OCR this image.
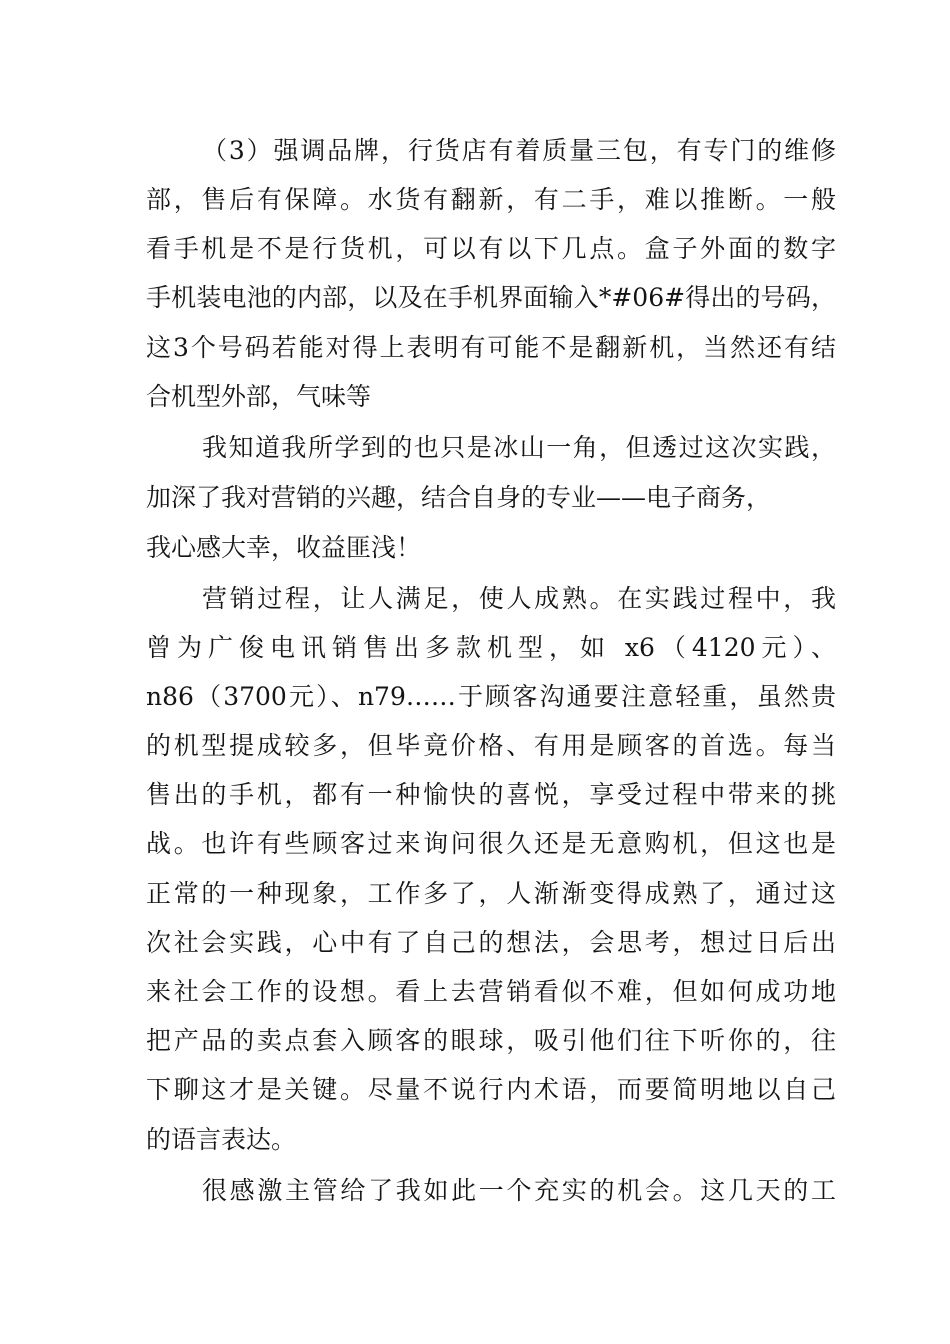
（3）强调品牌，行货店有着质量三包，有专门的维修
部，售后有保障。水货有翻新，有二手，难以推断。一般
看手机是不是行货机，可以有以下几点。盒子外面的数字
手机装电池的内部，以及在手机界面输入*#06#得出的号码，
这3个号码若能对得上表明有可能不是翻新机，当然还有结
合机型外部，气味等
我知道我所学到的也只是冰山一角，但透过这次实践，
加深了我对营销的兴趣，结合自身的专业——电子商务，
我心感大幸，收益匪浅！
营销过程，让人满足，使人成熟。在实践过程中，我
曾为广俊电讯销售出多款机型，如 x6（4120元）、
n86（3700元）、n79……于顾客沟通要注意轻重，虽然贵
的机型提成较多，但毕竟价格、有用是顾客的首选。每当
售出的手机，都有一种愉快的喜悦，享受过程中带来的挑
战。也许有些顾客过来询问很久还是无意购机，但这也是
正常的一种现象，工作多了，人渐渐变得成熟了，通过这
次社会实践，心中有了自己的想法，会思考，想过日后出
来社会工作的设想。看上去营销看似不难，但如何成功地
把产品的卖点套入顾客的眼球，吸引他们往下听你的，往
下聊这才是关键。尽量不说行内术语，而要简明地以自己
的语言表达。
很感激主管给了我如此一个充实的机会。这几天的工
